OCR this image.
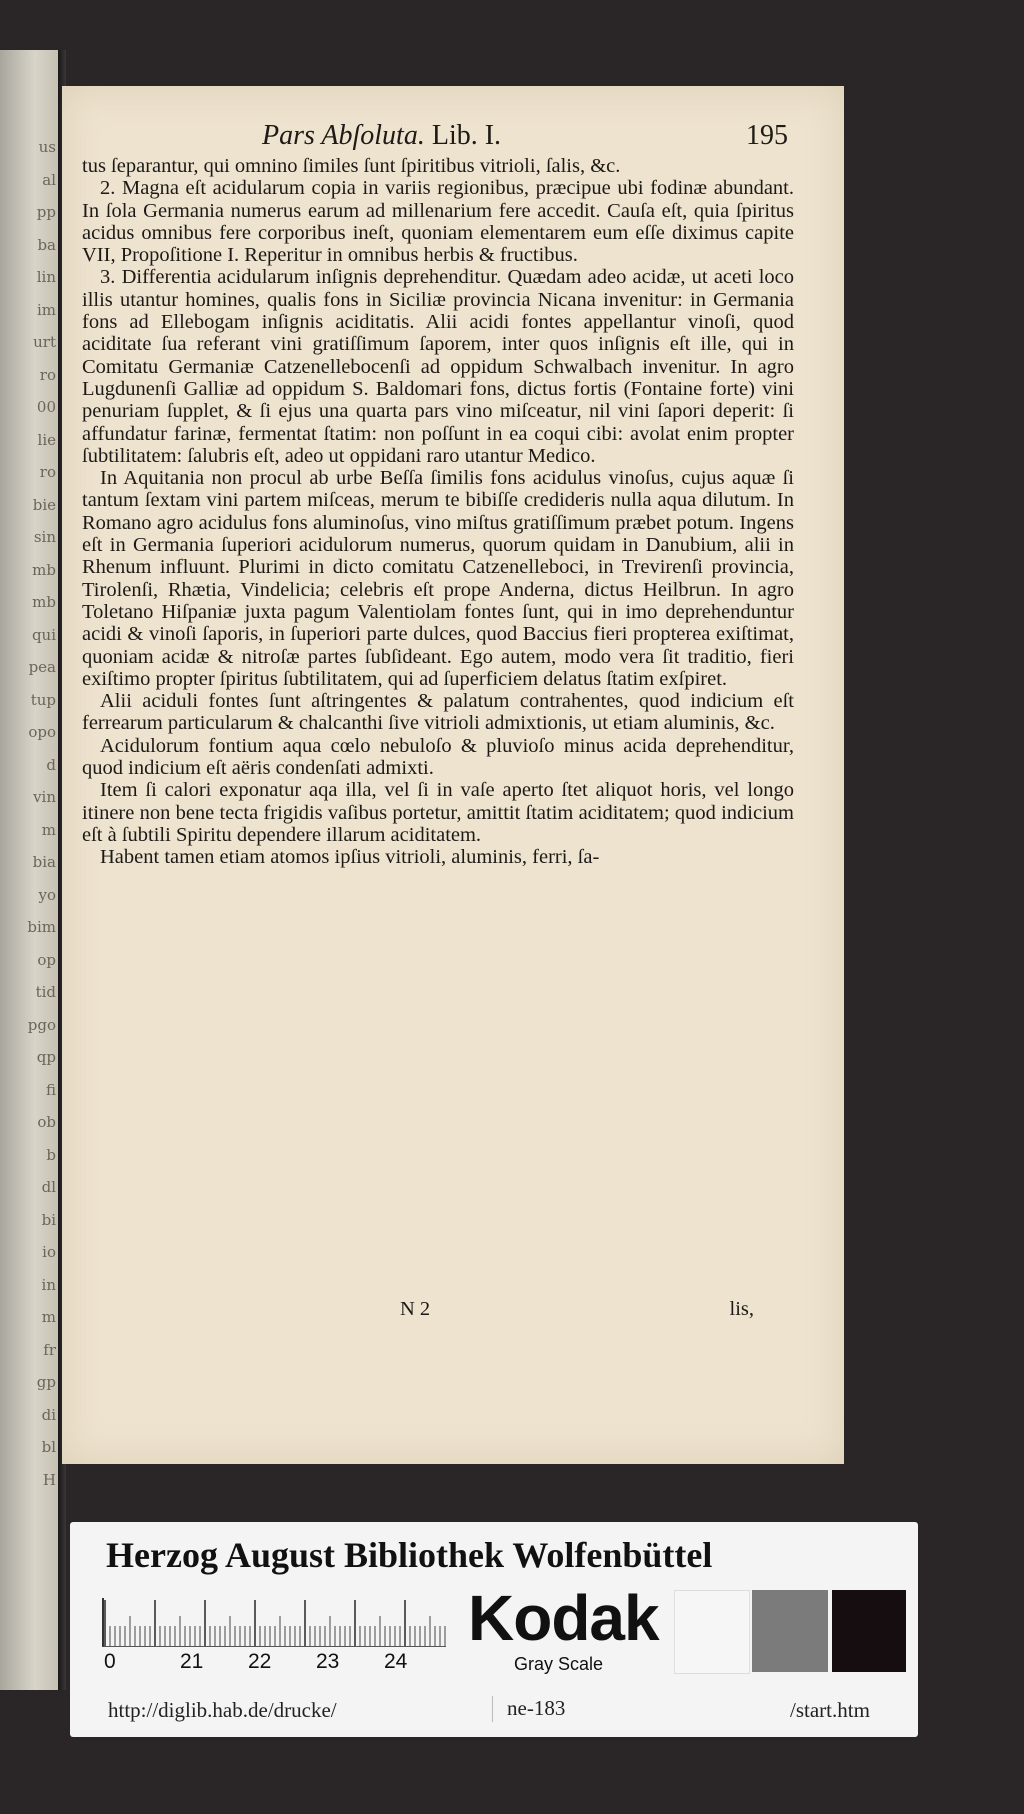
us
al
pp
ba
lin
im
urt
ro
00
lie
ro
bie
sin
mb
mb
qui
pea
tup
opo
d
vin
m
bia
yo
bim
op
tid
pgo
qp
fi
ob
b
dl
bi
io
in
m
fr
gp
di
bl
H
Pars Abſoluta. Lib. I.	195

tus ſeparantur, qui omnino ſimiles ſunt ſpiritibus vitrioli, ſalis, &c.

2. Magna eſt acidularum copia in variis regionibus, præcipue ubi fodinæ abundant. In ſola Germania numerus earum ad millenarium fere accedit. Cauſa eſt, quia ſpiritus acidus omnibus fere corporibus ineſt, quoniam elementarem eum eſſe diximus capite VII, Propoſitione I. Reperitur in omnibus herbis & fructibus.

3. Differentia acidularum inſignis deprehenditur. Quædam adeo acidæ, ut aceti loco illis utantur homines, qualis fons in Siciliæ provincia Nicana invenitur: in Germania fons ad Ellebogam inſignis aciditatis. Alii acidi fontes appellantur vinoſi, quod aciditate ſua referant vini gratiſſimum ſaporem, inter quos inſignis eſt ille, qui in Comitatu Germaniæ Catzenellebocenſi ad oppidum Schwalbach invenitur. In agro Lugdunenſi Galliæ ad oppidum S. Baldomari fons, dictus fortis (Fontaine forte) vini penuriam ſupplet, & ſi ejus una quarta pars vino miſceatur, nil vini ſapori deperit: ſi affundatur farinæ, fermentat ſtatim: non poſſunt in ea coqui cibi: avolat enim propter ſubtilitatem: ſalubris eſt, adeo ut oppidani raro utantur Medico.

In Aquitania non procul ab urbe Beſſa ſimilis fons acidulus vinoſus, cujus aquæ ſi tantum ſextam vini partem miſceas, merum te bibiſſe credideris nulla aqua dilutum. In Romano agro acidulus fons aluminoſus, vino miſtus gratiſſimum præbet potum. Ingens eſt in Germania ſuperiori acidulorum numerus, quorum quidam in Danubium, alii in Rhenum influunt. Plurimi in dicto comitatu Catzenelleboci, in Trevirenſi provincia, Tirolenſi, Rhætia, Vindelicia; celebris eſt prope Anderna, dictus Heilbrun. In agro Toletano Hiſpaniæ juxta pagum Valentiolam fontes ſunt, qui in imo deprehenduntur acidi & vinoſi ſaporis, in ſuperiori parte dulces, quod Baccius fieri propterea exiſtimat, quoniam acidæ & nitroſæ partes ſubſideant. Ego autem, modo vera ſit traditio, fieri exiſtimo propter ſpiritus ſubtilitatem, qui ad ſuperficiem delatus ſtatim exſpiret.

Alii aciduli fontes ſunt aſtringentes & palatum contrahentes, quod indicium eſt ferrearum particularum & chalcanthi ſive vitrioli admixtionis, ut etiam aluminis, &c.

Acidulorum fontium aqua cœlo nebuloſo & pluvioſo minus acida deprehenditur, quod indicium eſt aëris condenſati admixti.

Item ſi calori exponatur aqa illa, vel ſi in vaſe aperto ſtet aliquot horis, vel longo itinere non bene tecta frigidis vaſibus portetur, amittit ſtatim aciditatem; quod indicium eſt à ſubtili Spiritu dependere illarum aciditatem.

Habent tamen etiam atomos ipſius vitrioli, aluminis, ferri, ſa-

N 2	lis,
Herzog August Bibliothek Wolfenbüttel
0	21 22 23 24
Kodak
Gray Scale
http://diglib.hab.de/drucke/	ne-183	/start.htm
